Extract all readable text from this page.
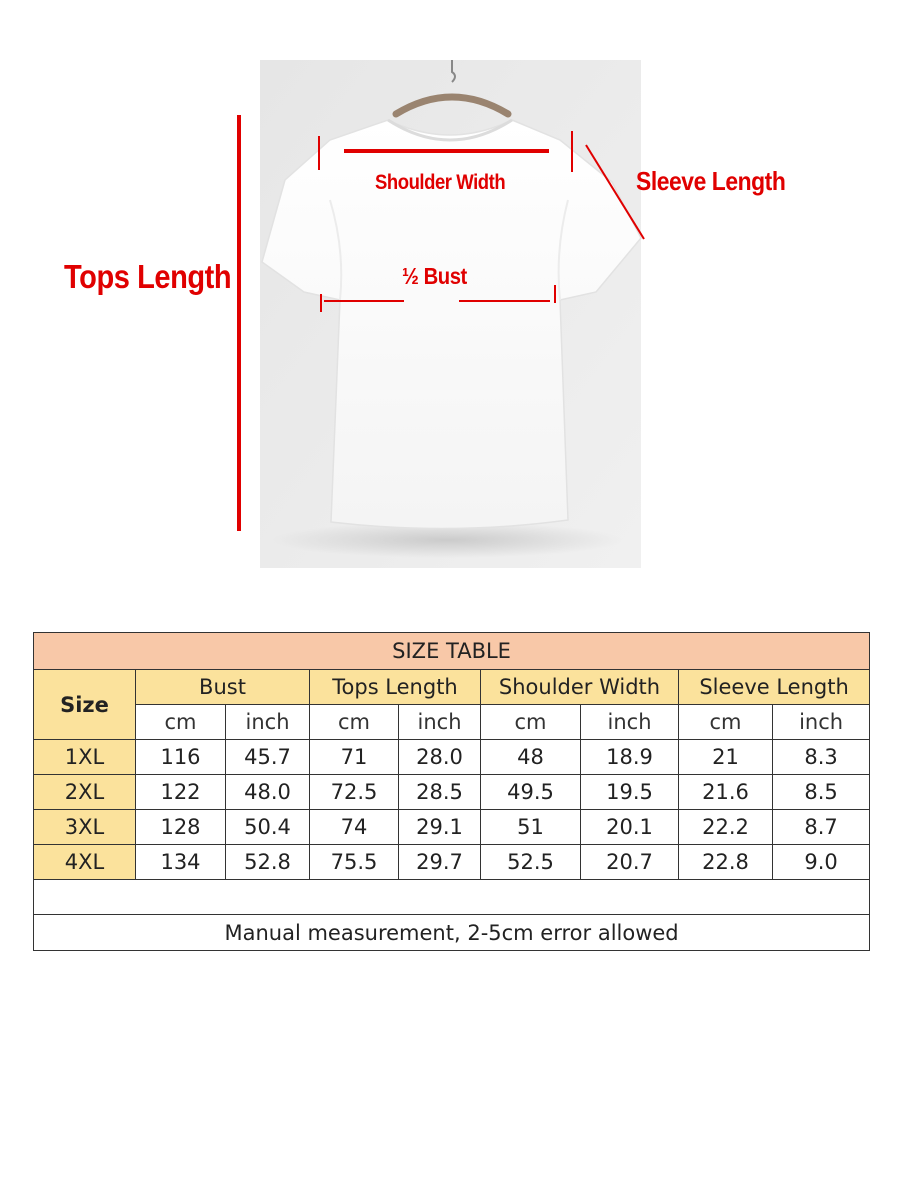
Tops Length
Shoulder Width
½ Bust
Sleeve Length
SIZE TABLE								
Size	Bust		Tops Length		Shoulder Width		Sleeve Length	
	cm	inch	cm	inch	cm	inch	cm	inch
1XL	116	45.7	71	28.0	48	18.9	21	8.3
2XL	122	48.0	72.5	28.5	49.5	19.5	21.6	8.5
3XL	128	50.4	74	29.1	51	20.1	22.2	8.7
4XL	134	52.8	75.5	29.7	52.5	20.7	22.8	9.0

Manual measurement, 2-5cm error allowed								
